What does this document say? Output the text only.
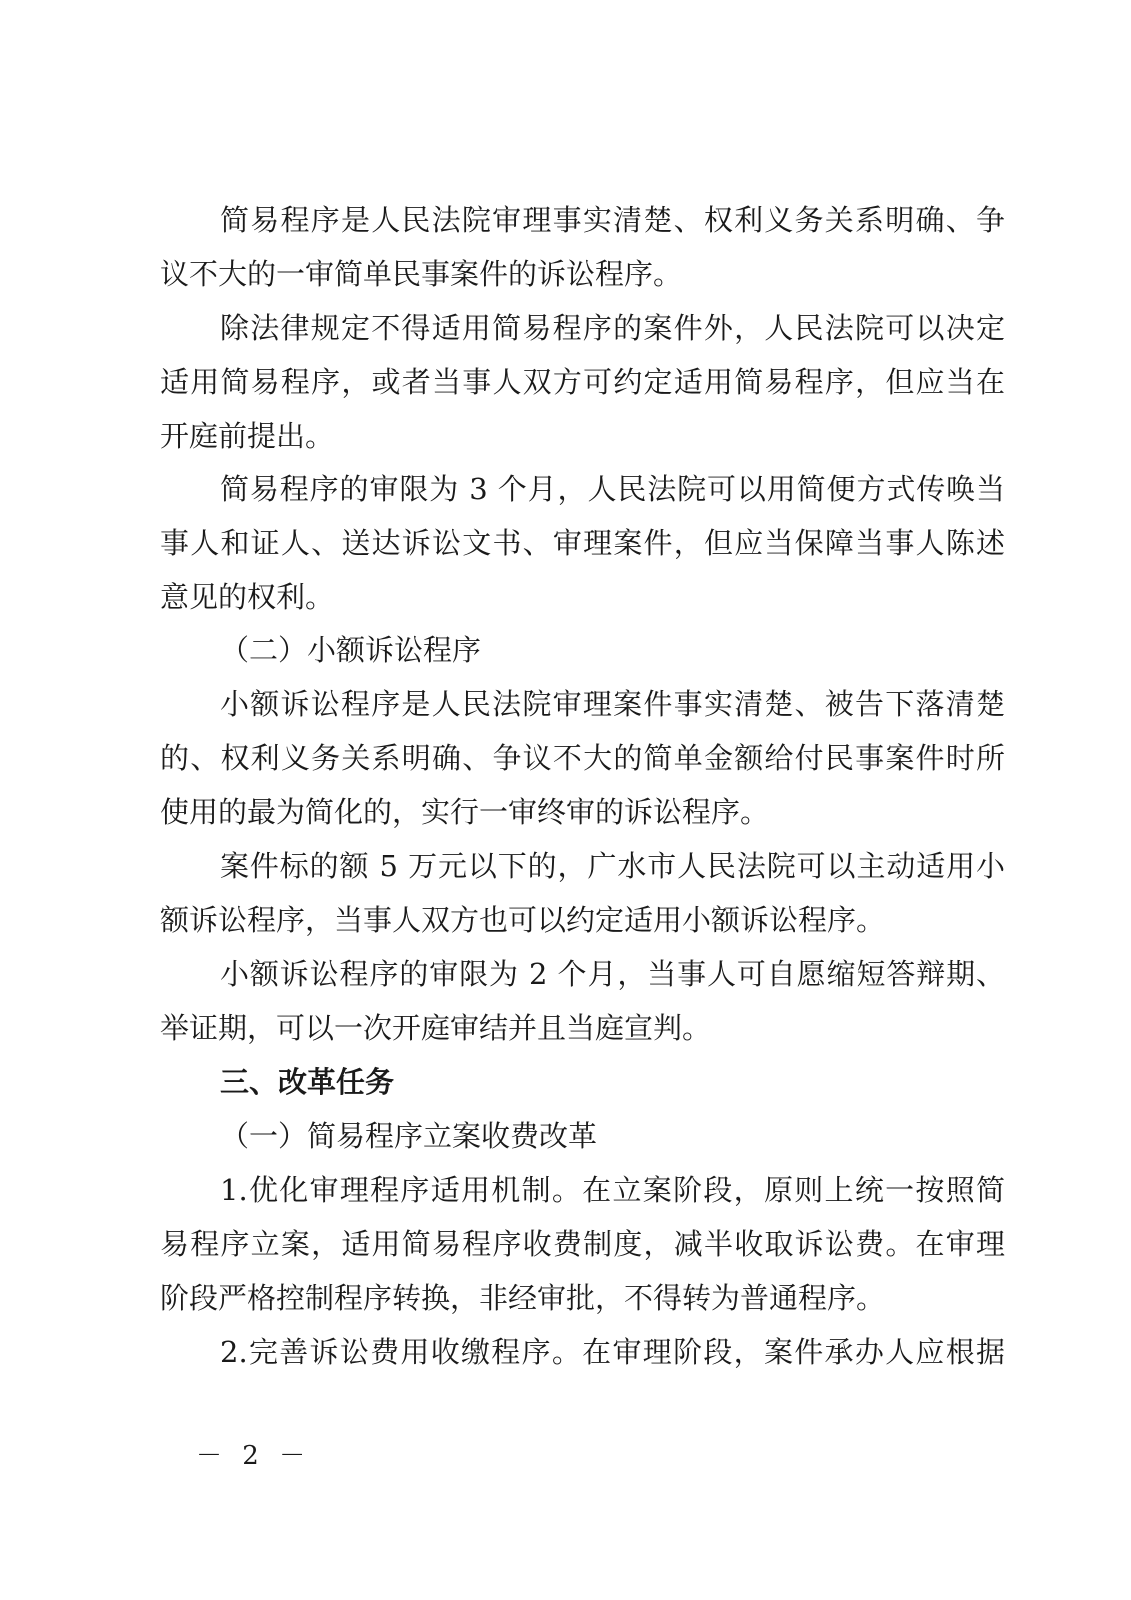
简易程序是人民法院审理事实清楚、权利义务关系明确、争
议不大的一审简单民事案件的诉讼程序。
除法律规定不得适用简易程序的案件外，人民法院可以决定
适用简易程序，或者当事人双方可约定适用简易程序，但应当在
开庭前提出。
简易程序的审限为 3 个月，人民法院可以用简便方式传唤当
事人和证人、送达诉讼文书、审理案件，但应当保障当事人陈述
意见的权利。
（二）小额诉讼程序
小额诉讼程序是人民法院审理案件事实清楚、被告下落清楚
的、权利义务关系明确、争议不大的简单金额给付民事案件时所
使用的最为简化的，实行一审终审的诉讼程序。
案件标的额 5 万元以下的，广水市人民法院可以主动适用小
额诉讼程序，当事人双方也可以约定适用小额诉讼程序。
小额诉讼程序的审限为 2 个月，当事人可自愿缩短答辩期、
举证期，可以一次开庭审结并且当庭宣判。
三、改革任务
（一）简易程序立案收费改革
1.优化审理程序适用机制。在立案阶段，原则上统一按照简
易程序立案，适用简易程序收费制度，减半收取诉讼费。在审理
阶段严格控制程序转换，非经审批，不得转为普通程序。
2.完善诉讼费用收缴程序。在审理阶段，案件承办人应根据
－ 2 －
